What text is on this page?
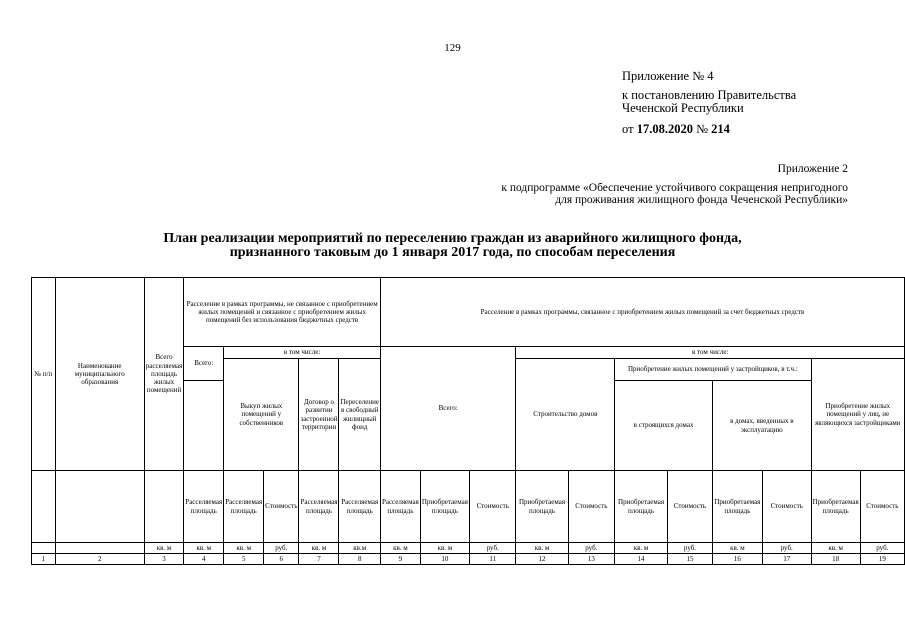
129
Приложение № 4
к постановлению Правительства
Чеченской Республики
от 17.08.2020 № 214
Приложение 2
к подпрограмме «Обеспечение устойчивого сокращения непригодного
для проживания жилищного фонда Чеченской Республики»
План реализации мероприятий по переселению граждан из аварийного жилищного фонда,
признанного таковым до 1 января 2017 года, по способам переселения
№ п/п	Наименование муниципального образования	Всего расселяемая площадь жилых помещений	Расселение в рамках программы, не связанное с приобретением жилых помещений и связанное с приобретением жилых помещений без использования бюджетных средств					Расселение в рамках программы, связанное с приобретением жилых помещений за счет бюджетных средств										
			Всего:	в том числе:				Всего:			в том числе:							
				Выкуп жилых помещений у собственников		Договор о развитии застроенной территории	Переселение в свободный жилищный фонд				Строительство домов		Приобретение жилых помещений у застройщиков, в т.ч.:				Приобретение жилых помещений у лиц, не являющихся застройщиками	
													в строящихся домах		в домах, введенных в эксплуатацию			
			Расселяемая площадь	Расселяемая площадь	Стоимость	Расселяемая площадь	Расселяемая площадь	Расселяемая площадь	Приобретаемая площадь	Стоимость	Приобретаемая площадь	Стоимость	Приобретаемая площадь	Стоимость	Приобретаемая площадь	Стоимость	Приобретаемая площадь	Стоимость
		кв. м	кв. м	кв. м	руб.	кв. м	кв.м	кв. м	кв. м	руб.	кв. м	руб.	кв. м	руб.	кв. м	руб.	кв. м	руб.
1	2	3	4	5	6	7	8	9	10	11	12	13	14	15	16	17	18	19
